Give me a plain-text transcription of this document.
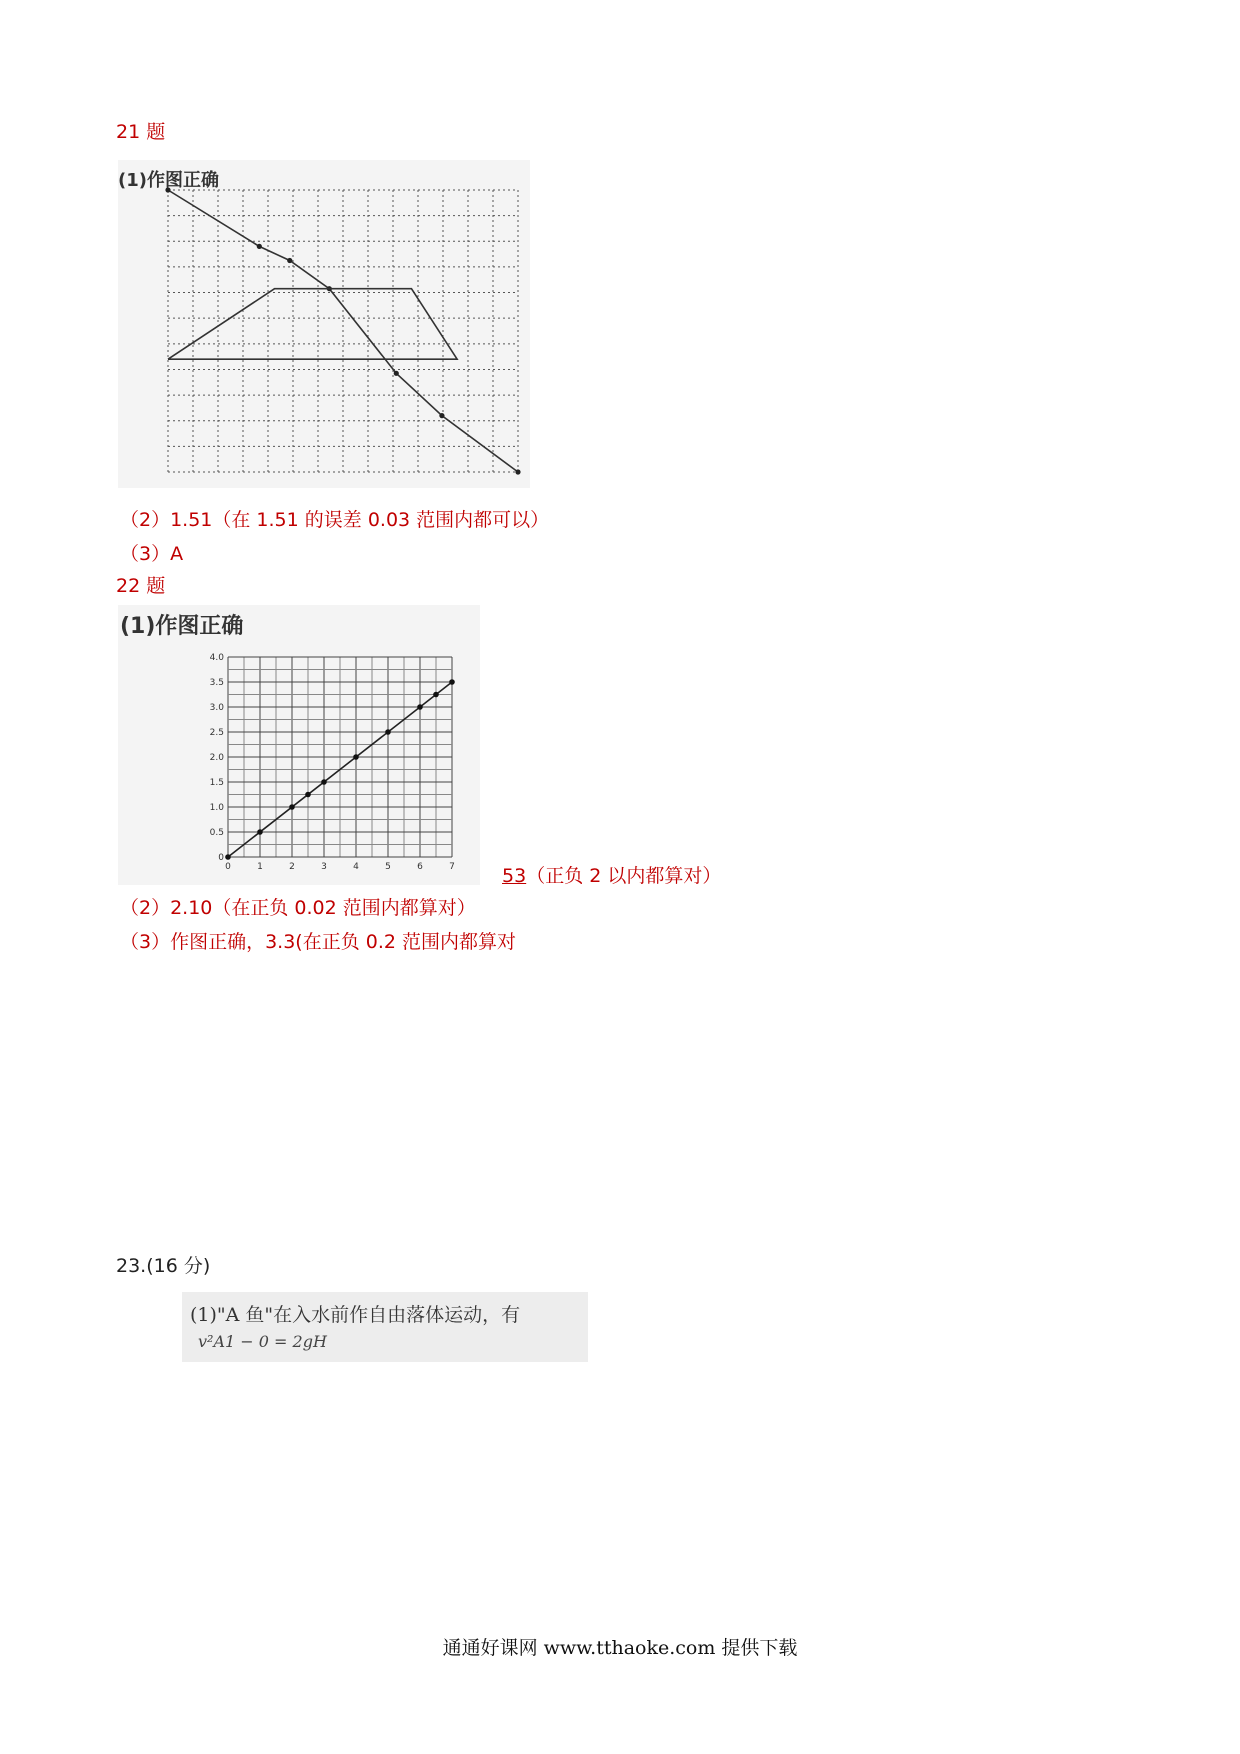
21 题
(1)作图正确
（2）1.51（在 1.51 的误差 0.03 范围内都可以）
（3）A
22 题
(1)作图正确
0	1	2	3	4	5	6	7
0
0.5
1.0
1.5
2.0
2.5
3.0
3.5
4.0
53（正负 2 以内都算对）
（2）2.10（在正负 0.02 范围内都算对）
（3）作图正确，3.3(在正负 0.2 范围内都算对
23.(16 分)
(1)"A 鱼"在入水前作自由落体运动，有
v²A1 − 0 = 2gH
通通好课网 www.tthaoke.com 提供下载
